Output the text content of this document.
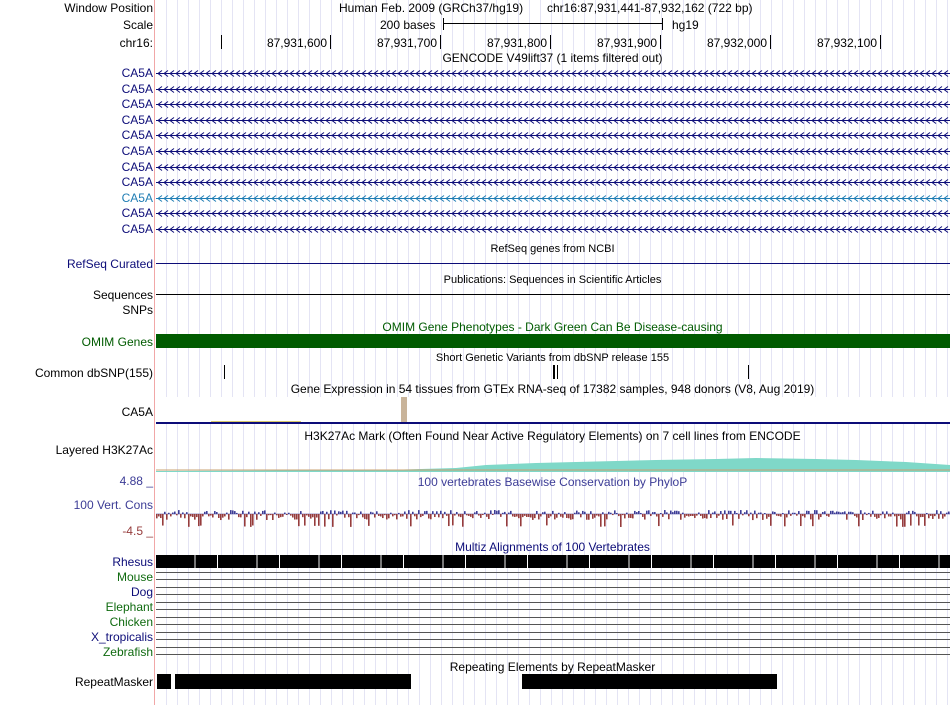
Window Position	Human Feb. 2009 (GRCh37/hg19) chr16:87,931,441-87,932,162 (722 bp)
Scale	200 bases	hg19
chr16:	87,931,600	87,931,700	87,931,800	87,931,900	87,932,000	87,932,100
GENCODE V49lift37 (1 items filtered out)
CA5A
CA5A
CA5A
CA5A
CA5A
CA5A
CA5A
CA5A
CA5A
CA5A
CA5A
RefSeq genes from NCBI
RefSeq Curated
Publications: Sequences in Scientific Articles
Sequences
SNPs
OMIM Gene Phenotypes - Dark Green Can Be Disease-causing
OMIM Genes
Short Genetic Variants from dbSNP release 155
Common dbSNP(155)
Gene Expression in 54 tissues from GTEx RNA-seq of 17382 samples, 948 donors (V8, Aug 2019)
CA5A
H3K27Ac Mark (Often Found Near Active Regulatory Elements) on 7 cell lines from ENCODE
Layered H3K27Ac
100 vertebrates Basewise Conservation by PhyloP
4.88 _
100 Vert. Cons
-4.5 _
Multiz Alignments of 100 Vertebrates
Rhesus
Mouse
Dog
Elephant
Chicken
X_tropicalis
Zebrafish
Repeating Elements by RepeatMasker
RepeatMasker
